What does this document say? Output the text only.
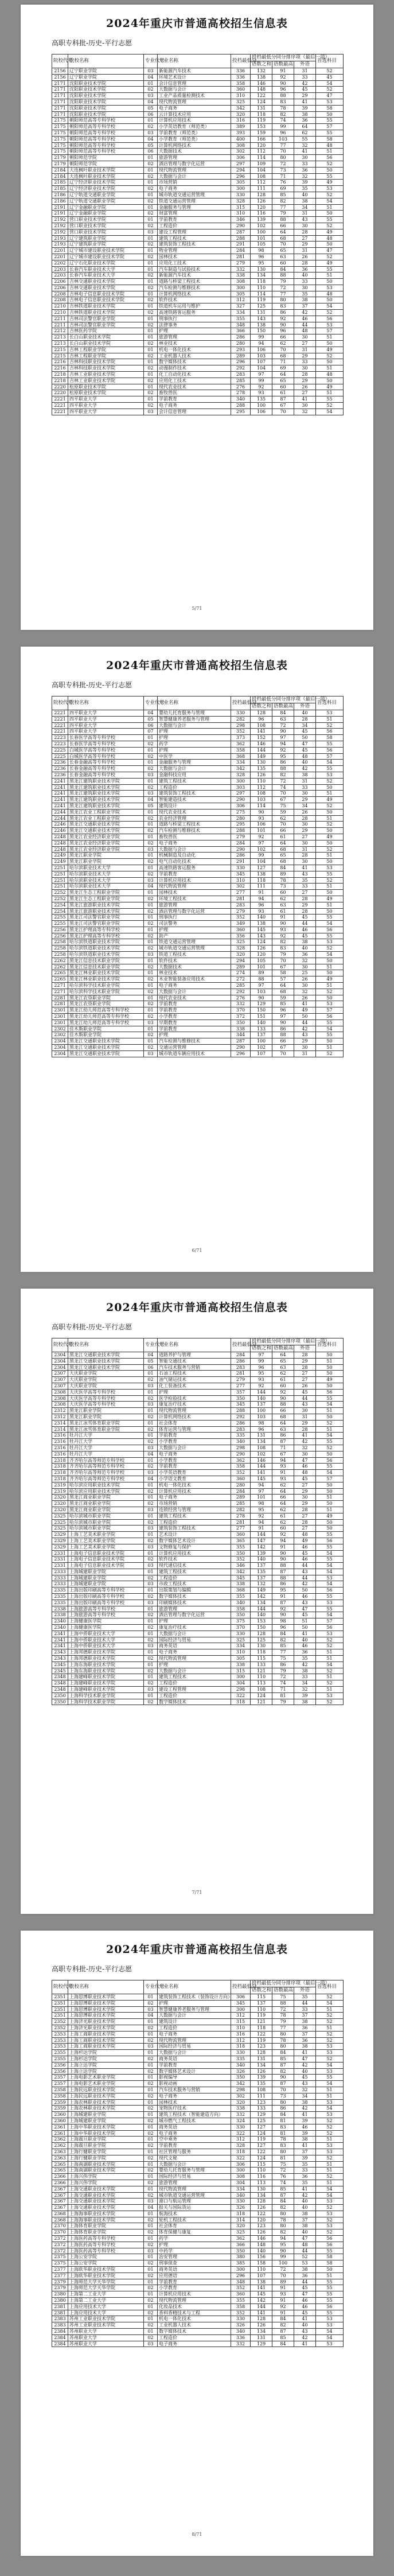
2024年重庆市普通高校招生信息表
高职专科批-历史-平行志愿
院校代号	院校名称	专业代号	专业名称	投档最低分	投档最低分同分排序项（最后一项）			首选科目
					语数之和	语数最高	外语	
2156	辽宁职业学院	03	新能源汽车技术	336	132	91	31	52
2156	辽宁职业学院	04	环境艺术设计	336	138	92	33	45
2171	沈阳职业技术学院	01	会计信息管理	358	146	90	42	54
2171	沈阳职业技术学院	02	大数据与会计	360	148	96	45	52
2171	沈阳职业技术学院	03	工业产品质量检测技术	310	122	88	29	47
2171	沈阳职业技术学院	04	现代物流管理	325	124	83	41	53
2171	沈阳职业技术学院	05	电子商务	342	131	78	39	58
2171	沈阳职业技术学院	06	云计算技术应用	320	118	82	38	50
2175	朝阳师范高等专科学校	01	计算机应用技术	316	119	74	36	55
2175	朝阳师范高等专科学校	02	小学英语教育（师范类）	389	153	99	64	57
2175	朝阳师范高等专科学校	03	学前教育（师范类）	393	159	96	62	55
2175	朝阳师范高等专科学校	04	小学教育（师范类）	400	166	103	55	58
2175	朝阳师范高等专科学校	05	计算机网络技术	308	120	77	32	48
2175	朝阳师范高等专科学校	06	大数据技术	302	112	70	41	51
2179	朝阳师范学院	01	旅游管理	306	114	80	30	56
2179	朝阳师范学院	02	酒店管理与数字化运营	297	109	72	33	52
2184	大连枫叶职业技术学院	01	现代物流管理	294	104	73	36	50
2184	大连枫叶职业技术学院	02	大数据与会计	296	108	71	32	55
2185	辽宁经济职业技术学院	01	市场营销	305	112	76	39	49
2185	辽宁经济职业技术学院	02	电子商务	300	111	69	35	53
2186	辽宁轨道交通职业学院	01	城市轨道交通运营管理	330	128	85	40	52
2186	辽宁轨道交通职业学院	02	铁道交通运营管理	328	126	82	38	54
2191	辽宁金融职业学院	01	金融服务与管理	315	120	77	34	51
2191	辽宁金融职业学院	02	财富管理	310	116	79	31	50
2192	营口职业技术学院	01	学前教育	346	139	88	43	55
2192	营口职业技术学院	02	工程造价	290	102	66	30	52
2192	营口职业技术学院	03	建设工程管理	287	100	64	28	49
2193	辽宁建筑职业学院	01	建筑工程技术	288	101	68	27	48
2193	辽宁建筑职业学院	02	建筑装饰工程技术	291	105	70	29	50
2201	辽宁城市建设职业技术学院	01	物业管理	284	98	65	31	47
2201	辽宁城市建设职业技术学院	02	园林技术	281	96	63	26	52
2202	辽宁石化职业技术学院	01	应用化工技术	279	95	60	28	49
2203	长春汽车职业技术大学	01	汽车制造与试验技术	332	130	84	36	55
2203	长春汽车职业技术大学	02	新能源汽车技术	338	134	88	40	51
2206	吉林交通职业技术学院	01	道路与桥梁工程技术	308	118	79	33	50
2206	吉林交通职业技术学院	02	汽车检测与维修技术	300	110	72	30	53
2208	吉林电子信息职业技术学院	01	计算机网络技术	305	114	77	35	48
2208	吉林电子信息职业技术学院	02	软件技术	312	119	80	38	50
2210	吉林铁道职业技术学院	01	铁道机车运用与维护	327	125	83	37	54
2210	吉林铁道职业技术学院	02	高速铁路客运服务	334	131	86	42	52
2211	吉林司法警官职业学院	01	刑事执行	355	143	92	46	56
2211	吉林司法警官职业学院	02	法律事务	348	138	90	44	53
2212	吉林医药学院	01	护理	366	150	96	48	57
2213	长白山职业技术学院	01	旅游管理	286	99	66	30	51
2213	长白山职业技术学院	02	林业技术	280	94	62	27	50
2215	吉林工程职业学院	01	机电一体化技术	293	106	70	31	49
2215	吉林工程职业学院	02	工业机器人技术	289	103	68	29	52
2216	吉林科技职业技术学院	01	数字媒体技术	296	107	71	33	50
2216	吉林科技职业技术学院	02	动漫制作技术	292	104	69	30	51
2218	吉林工业职业技术学院	01	化工自动化技术	283	97	64	28	48
2218	吉林工业职业技术学院	02	应用化工技术	285	99	65	29	50
2220	松原职业技术学院	01	现代农业技术	276	92	60	26	49
2220	松原职业技术学院	02	畜牧兽医	278	93	61	27	51
2221	四平职业大学	01	学前教育	340	135	87	41	55
2221	四平职业大学	02	电子商务	288	100	67	30	52
2221	四平职业大学	03	会计信息管理	295	106	70	32	54
5/71
2024年重庆市普通高校招生信息表
高职专科批-历史-平行志愿
院校代号	院校名称	专业代号	专业名称	投档最低分	投档最低分同分排序项（最后一项）			首选科目
					语数之和	语数最高	外语	
2221	四平职业大学	04	婴幼儿托育服务与管理	330	128	84	40	53
2221	四平职业大学	05	智慧健康养老服务与管理	282	96	63	28	51
2221	四平职业大学	06	大数据与会计	298	108	72	34	52
2221	四平职业大学	07	护理	352	141	90	45	56
2223	长春医学高等专科学校	01	护理	373	152	97	50	58
2223	长春医学高等专科学校	02	药学	362	146	94	47	55
2225	白城医学高等专科学校	01	护理	358	144	92	45	56
2225	白城医学高等专科学校	02	中医学	368	149	95	48	57
2236	长春金融高等专科学校	01	金融服务与管理	334	130	86	40	54
2236	长春金融高等专科学校	02	大数据与会计	342	135	88	42	55
2236	长春金融高等专科学校	03	金融科技应用	328	126	82	38	53
2241	黑龙江建筑职业技术学院	01	建筑工程技术	300	110	72	31	52
2241	黑龙江建筑职业技术学院	02	工程造价	303	112	74	33	50
2241	黑龙江建筑职业技术学院	03	建筑装饰工程技术	297	108	70	30	51
2241	黑龙江建筑职业技术学院	04	智能建造技术	290	103	67	29	49
2241	黑龙江建筑职业技术学院	05	建筑设计	306	114	75	34	52
2244	黑龙江农业工程职业学院	01	现代农业技术	275	90	59	26	50
2244	黑龙江农业工程职业学院	02	农业经济管理	280	93	62	28	51
2246	黑龙江交通职业技术学院	01	道路与桥梁工程技术	295	106	70	30	52
2246	黑龙江交通职业技术学院	02	汽车检测与维修技术	288	101	66	29	50
2248	黑龙江农业经济职业学院	01	畜牧兽医	279	92	61	27	49
2248	黑龙江农业经济职业学院	02	电子商务	284	97	64	30	50
2248	黑龙江农业经济职业学院	03	大数据与会计	290	102	68	31	52
2249	黑龙江职业学院	01	机械制造及自动化	286	99	65	28	51
2249	黑龙江职业学院	02	电气自动化技术	291	104	68	30	50
2251	哈尔滨职业技术大学	01	高速铁路客运服务	330	127	84	41	53
2251	哈尔滨职业技术大学	02	学前教育	345	138	89	43	55
2251	哈尔滨职业技术大学	03	计算机应用技术	310	118	78	35	52
2251	哈尔滨职业技术大学	04	现代物流管理	302	111	73	33	51
2252	黑龙江生态工程职业学院	01	园林技术	277	91	60	27	50
2252	黑龙江生态工程职业学院	02	环境工程技术	281	94	62	28	49
2254	黑龙江旅游职业技术学院	01	旅游管理	283	96	63	29	51
2254	黑龙江旅游职业技术学院	02	酒店管理与数字化运营	279	93	61	28	50
2255	黑龙江司法警官职业学院	01	刑事执行	352	140	91	45	55
2255	黑龙江司法警官职业学院	02	司法警务	349	138	90	44	54
2256	黑龙江护理高等专科学校	01	护理	360	145	93	46	56
2256	黑龙江护理高等专科学校	02	助产	356	143	92	45	55
2258	哈尔滨铁道职业技术学院	01	铁道交通运营管理	325	124	82	38	53
2258	哈尔滨铁道职业技术学院	02	城市轨道交通运营管理	328	126	83	40	52
2258	哈尔滨铁道职业技术学院	03	铁道工程技术	320	120	79	36	54
2262	黑龙江信息技术职业学院	01	软件技术	294	105	70	32	50
2262	黑龙江信息技术职业学院	02	大数据技术	289	101	67	30	51
2265	黑龙江林业职业技术学院	01	林业技术	274	89	58	25	50
2265	黑龙江林业职业技术学院	02	木业智能装备应用技术	272	88	57	26	49
2271	哈尔滨科学技术职业学院	01	电子商务	285	97	64	30	51
2271	哈尔滨科学技术职业学院	02	大数据与会计	292	103	68	32	52
2281	黑龙江农垦职业学院	01	现代农业技术	276	90	59	26	50
2281	黑龙江农垦职业学院	02	学前教育	332	129	85	41	53
2301	黑龙江幼儿师范高等专科学校	01	学前教育	370	150	96	49	57
2301	黑龙江幼儿师范高等专科学校	02	小学教育	372	151	97	50	56
2301	黑龙江幼儿师范高等专科学校	03	早期教育	350	140	90	44	55
2302	佳木斯职业学院	01	学前教育	338	133	86	42	54
2302	佳木斯职业学院	02	护理	344	137	88	43	55
2304	黑龙江交通职业技术学院	01	汽车检测与维修技术	287	100	66	29	50
2304	黑龙江交通职业技术学院	02	交通运营管理	290	102	67	30	51
2304	黑龙江交通职业技术学院	03	城市轨道车辆应用技术	296	107	70	31	52
6/71
2024年重庆市普通高校招生信息表
高职专科批-历史-平行志愿
院校代号	院校名称	专业代号	专业名称	投档最低分	投档最低分同分排序项（最后一项）			首选科目
					语数之和	语数最高	外语	
2304	黑龙江交通职业技术学院	04	道路养护与管理	284	97	64	28	50
2304	黑龙江交通职业技术学院	05	智能交通技术	286	99	65	29	51
2304	黑龙江交通职业技术学院	06	汽车技术服务与营销	283	96	63	28	50
2307	大庆职业学院	01	石油工程技术	281	95	62	27	50
2307	大庆职业学院	02	油气储运技术	279	93	61	27	49
2307	大庆职业学院	03	化工装备技术	277	92	60	26	50
2308	大庆医学高等专科学校	01	护理	357	144	92	45	56
2308	大庆医学高等专科学校	02	医学检验技术	350	140	90	44	55
2308	大庆医学高等专科学校	03	康复治疗技术	345	137	88	43	54
2312	黑龙江职业学院	01	现代物流管理	288	100	66	30	51
2312	黑龙江职业学院	02	计算机网络技术	292	103	68	31	50
2314	黑龙江冰雪体育职业学院	01	社会体育	286	98	64	29	52
2314	黑龙江冰雪体育职业学院	02	体育运营与管理	283	96	63	28	51
2316	牡丹江大学	01	学前教育	335	131	86	41	54
2316	牡丹江大学	02	小学教育	340	134	87	42	55
2316	牡丹江大学	03	大数据与会计	298	108	71	32	52
2316	牡丹江大学	04	电子商务	290	102	67	30	50
2318	齐齐哈尔高等师范专科学校	01	小学教育	362	146	94	47	56
2318	齐齐哈尔高等师范专科学校	02	学前教育	358	144	93	46	55
2318	齐齐哈尔高等师范专科学校	03	小学英语教育	352	141	91	48	54
2318	齐齐哈尔高等师范专科学校	04	小学语文教育	360	145	93	45	57
2319	哈尔滨应用职业技术学院	01	机电一体化技术	280	94	62	27	50
2319	哈尔滨应用职业技术学院	02	计算机应用技术	284	97	64	29	50
2320	黑龙江商业职业学院	01	电子商务	289	101	66	30	51
2320	黑龙江商业职业学院	02	市场营销	285	98	64	29	50
2320	黑龙江商业职业学院	03	连锁经营与管理	282	95	62	28	51
2325	哈尔滨城市职业学院	01	建筑工程技术	278	92	61	27	49
2325	哈尔滨城市职业学院	02	工程造价	281	94	62	28	50
2325	哈尔滨城市职业学院	03	建筑装饰工程技术	277	91	60	27	50
2329	上海工艺美术职业学院	01	艺术设计	360	144	92	48	55
2329	上海工艺美术职业学院	02	数字媒体艺术设计	365	147	94	49	56
2329	上海工艺美术职业学院	03	文物修复与保护	355	142	91	46	55
2331	上海电子信息职业技术学院	01	计算机应用技术	350	139	90	45	54
2331	上海电子信息职业技术学院	02	软件技术	352	140	90	46	55
2331	上海电子信息职业技术学院	03	现代通信技术	346	137	88	44	54
2333	上海城建职业学院	01	建筑工程技术	342	135	87	43	54
2333	上海城建职业学院	02	工程造价	345	137	88	44	53
2333	上海城建职业学院	03	市政工程技术	338	132	86	42	54
2335	上海出版印刷高等专科学校	01	出版策划与编辑	368	149	95	50	56
2335	上海出版印刷高等专科学校	02	数字媒体技术	355	142	91	46	55
2335	上海出版印刷高等专科学校	03	印刷媒体技术	340	134	87	43	53
2338	上海旅游高等专科学校	01	旅游管理	358	144	92	47	55
2338	上海旅游高等专科学校	02	酒店管理与数字化运营	350	140	90	45	54
2340	上海健康医学院	01	护理	375	153	98	51	57
2340	上海健康医学院	02	康复治疗技术	370	150	96	50	56
2341	上海中侨职业技术大学	01	大数据与会计	330	128	84	41	53
2341	上海中侨职业技术大学	02	国际经济与贸易	325	125	82	40	52
2341	上海中侨职业技术大学	03	商务英语	334	130	85	46	52
2343	上海邦德职业技术学院	01	电子商务	310	118	77	36	51
2343	上海邦德职业技术学院	02	现代物流管理	305	115	75	35	51
2345	上海东海职业技术学院	01	护理	338	133	86	42	54
2345	上海东海职业技术学院	02	大数据与会计	315	121	79	38	52
2348	上海建峰职业技术学院	01	建筑工程技术	300	110	72	33	51
2348	上海建峰职业技术学院	02	工程造价	304	113	74	34	52
2348	上海建峰职业技术学院	03	建设工程管理	298	108	71	32	51
2350	上海科学技术职业学院	01	工程造价	322	124	81	39	53
2350	上海科学技术职业学院	02	数字媒体技术	318	121	79	38	52
7/71
2024年重庆市普通高校招生信息表
高职专科批-历史-平行志愿
院校代号	院校名称	专业代号	专业名称	投档最低分	投档最低分同分排序项（最后一项）			首选科目
					语数之和	语数最高	外语	
2351	上海思博职业技术学院	01	建筑装饰工程技术（装饰设计方向）	306	115	75	35	52
2351	上海思博职业技术学院	02	护理	345	137	88	44	54
2351	上海思博职业技术学院	03	智慧健康养老服务与管理	300	110	72	33	51
2351	上海思博职业技术学院	04	大数据与会计	312	119	78	37	52
2352	上海济光职业技术学院	01	建筑设计	315	121	79	38	52
2352	上海济光职业技术学院	02	工程造价	310	118	77	36	51
2353	上海工商职业技术学院	01	电子商务	316	122	80	37	52
2353	上海工商职业技术学院	02	现代物流管理	312	119	78	36	52
2353	上海工商职业技术学院	03	国际经济与贸易	318	123	80	38	53
2355	上海杉达学院	01	大数据与会计	330	128	84	41	53
2355	上海杉达学院	02	商务英语	335	131	85	47	52
2356	上海立达学院	01	学前教育	340	134	87	42	54
2356	上海立达学院	02	数字媒体艺术设计	326	126	82	40	53
2357	上海电影艺术职业学院	01	影视编导	350	139	90	45	55
2357	上海电影艺术职业学院	02	影视动画	342	135	87	43	54
2358	上海民远职业技术学院	01	汽车技术服务与营销	298	108	70	32	51
2358	上海民远职业技术学院	02	电子商务	302	111	73	34	51
2359	上海农林职业技术学院	01	园林技术	320	123	80	38	53
2359	上海农林职业技术学院	02	宠物医疗技术	338	133	86	42	54
2360	上海城建职业学院	01	建筑工程技术（智能建造方向）	332	129	84	41	53
2360	上海城建职业学院	02	城市燃气工程技术	324	125	81	39	52
2361	上海中华职业技术学院	01	商务英语	330	127	83	46	52
2361	上海中华职业技术学院	02	电子商务	322	124	81	39	52
2362	上海震旦职业学院	01	空中乘务	312	119	78	38	51
2362	上海震旦职业学院	02	学前教育	328	127	83	41	53
2363	上海行健职业学院	01	社区管理与服务	318	122	80	37	53
2363	上海行健职业学院	02	现代文秘	322	124	81	39	52
2365	上海南湖职业技术学院	01	大数据与会计	306	115	75	35	51
2365	上海南湖职业技术学院	02	婴幼儿托育服务与管理	300	110	72	33	51
2366	上海兴伟学院	01	国际经济与贸易	308	116	76	36	52
2366	上海兴伟学院	02	旅游管理	304	113	74	35	51
2367	上海交通职业技术学院	01	现代物流管理	334	130	85	41	54
2367	上海交通职业技术学院	02	城市轨道交通运营管理	340	134	87	42	54
2367	上海交通职业技术学院	03	港口与航运管理	330	128	84	40	53
2367	上海交通职业技术学院	04	报关与国际货运	326	126	82	40	52
2368	上海海事职业技术学院	01	航海技术	318	122	80	38	53
2368	上海海事职业技术学院	02	轮机工程技术	314	120	78	37	52
2370	上海体育职业学院	01	社会体育	320	123	80	38	53
2370	上海体育职业学院	02	体育保健与康复	325	126	82	40	52
2372	上海医药高等专科学校	01	药学	362	146	94	47	56
2372	上海医药高等专科学校	02	护理	366	148	95	48	56
2372	上海医药高等专科学校	03	中药学	350	140	90	44	55
2375	上海公安学院	01	治安管理	380	156	99	52	58
2375	上海公安学院	02	刑事侦查	385	158	100	53	58
2377	上海欧华职业技术学院	01	商务英语	300	110	72	38	50
2377	上海欧华职业技术学院	02	应用德语	296	107	70	36	51
2379	上海师范大学天华学院	01	学前教育	348	138	89	44	55
2379	上海师范大学天华学院	02	小学教育	352	141	91	45	55
2380	上海第二工业大学	01	计算机应用技术	360	145	93	47	55
2380	上海第二工业大学	02	现代物流管理	355	142	91	46	55
2381	上海应用技术大学	01	化妆品技术	358	144	92	46	56
2381	上海应用技术大学	02	香料香精技术与工程	352	141	91	45	55
2383	苏州工业职业技术学院	01	机电一体化技术	330	128	84	41	53
2383	苏州工业职业技术学院	02	工业机器人技术	326	126	82	40	53
2384	苏州职业大学	01	数字媒体技术	340	134	87	43	54
2384	苏州职业大学	02	工程造价	336	131	85	42	54
2384	苏州职业大学	03	电子商务	332	129	84	41	53
8/71
